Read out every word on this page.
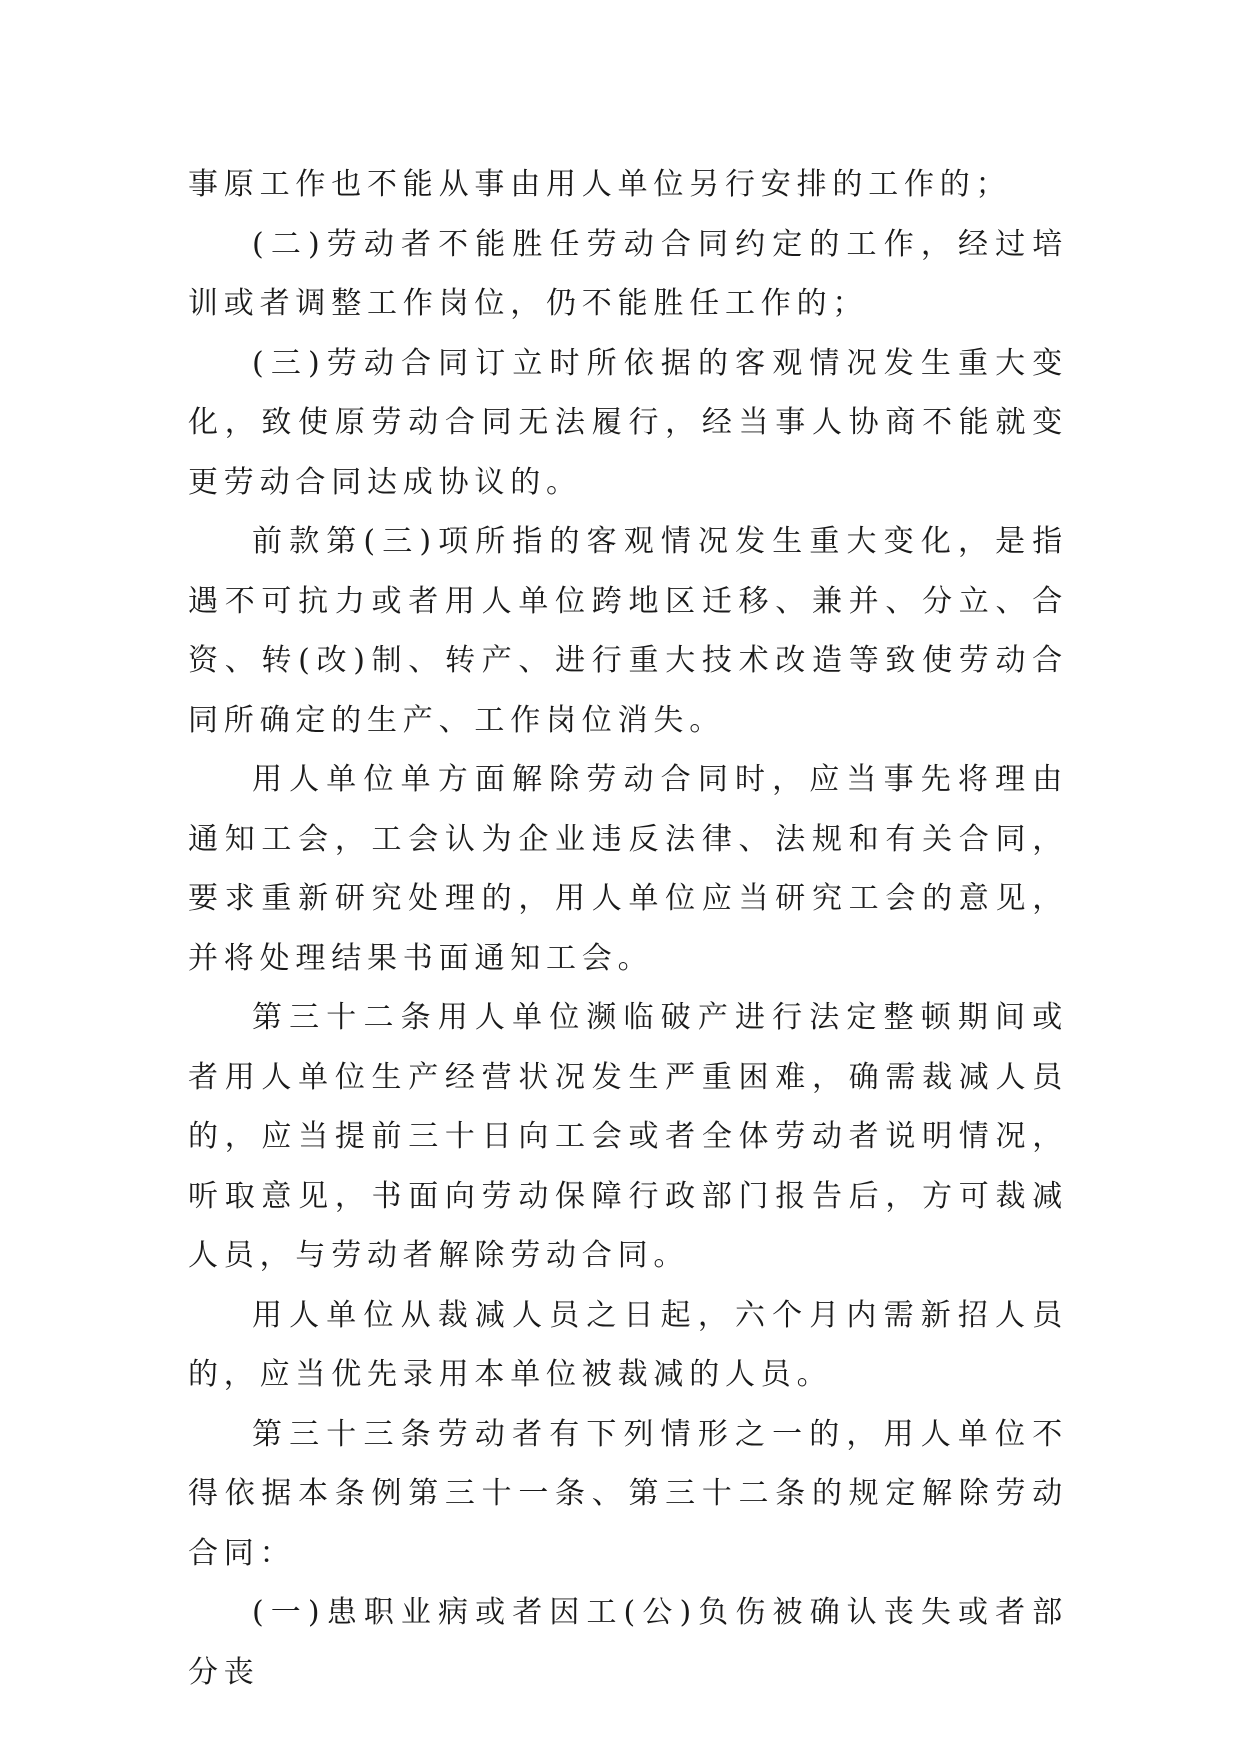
事原工作也不能从事由用人单位另行安排的工作的；

(二)劳动者不能胜任劳动合同约定的工作，经过培训或者调整工作岗位，仍不能胜任工作的；

(三)劳动合同订立时所依据的客观情况发生重大变化，致使原劳动合同无法履行，经当事人协商不能就变更劳动合同达成协议的。

前款第(三)项所指的客观情况发生重大变化，是指遇不可抗力或者用人单位跨地区迁移、兼并、分立、合资、转(改)制、转产、进行重大技术改造等致使劳动合同所确定的生产、工作岗位消失。

用人单位单方面解除劳动合同时，应当事先将理由通知工会，工会认为企业违反法律、法规和有关合同，要求重新研究处理的，用人单位应当研究工会的意见，并将处理结果书面通知工会。

第三十二条用人单位濒临破产进行法定整顿期间或者用人单位生产经营状况发生严重困难，确需裁减人员的，应当提前三十日向工会或者全体劳动者说明情况，听取意见，书面向劳动保障行政部门报告后，方可裁减人员，与劳动者解除劳动合同。

用人单位从裁减人员之日起，六个月内需新招人员的，应当优先录用本单位被裁减的人员。

第三十三条劳动者有下列情形之一的，用人单位不得依据本条例第三十一条、第三十二条的规定解除劳动合同：

(一)患职业病或者因工(公)负伤被确认丧失或者部分丧
